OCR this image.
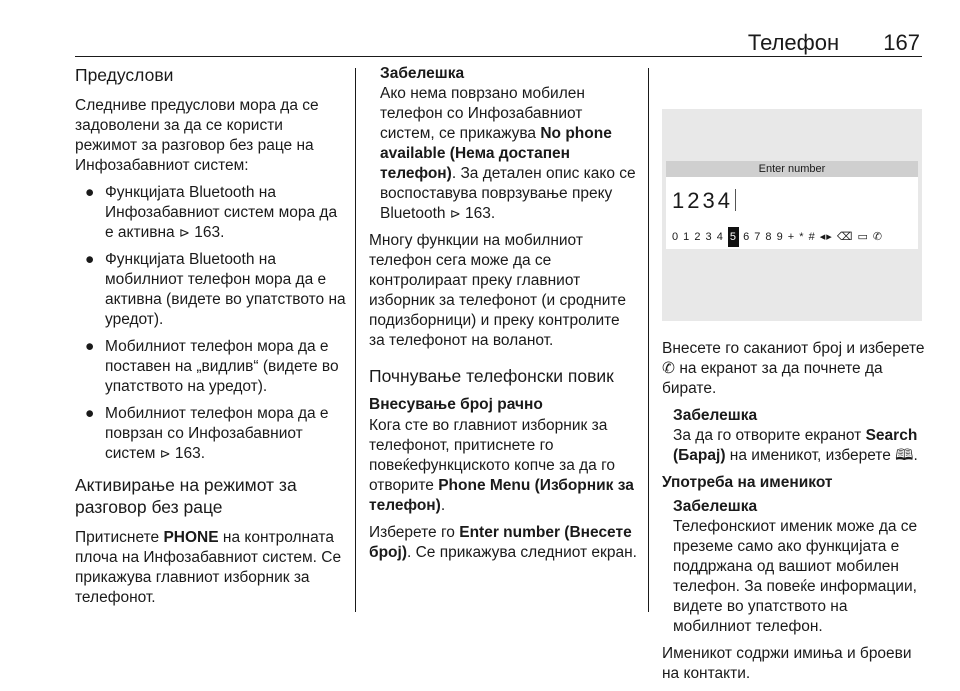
Телефон 167
Предуслови

Следниве предуслови мора да се задоволени за да се користи режимот за разговор без раце на Инфозабавниот систем:

● Функцијата Bluetooth на Инфозабавниот систем мора да е активна ⊳ 163.
● Функцијата Bluetooth на мобилниот телефон мора да е активна (видете во упатството на уредот).
● Мобилниот телефон мора да е поставен на „видлив“ (видете во упатството на уредот).
● Мобилниот телефон мора да е поврзан со Инфозабавниот систем ⊳ 163.
Активирање на режимот за разговор без раце

Притиснете PHONE на контролната плоча на Инфозабавниот систем. Се прикажува главниот изборник за телефонот.

Забелешка
Ако нема поврзано мобилен телефон со Инфозабавниот систем, се прикажува No phone available (Нема достапен телефон). За детален опис како се воспоставува поврзување преку Bluetooth ⊳ 163.

Многу функции на мобилниот телефон сега може да се контролираат преку главниот изборник за телефонот (и сродните подизборници) и преку контролите за телефонот на воланот.

Почнување телефонски повик
Внесување број рачно

Кога сте во главниот изборник за телефонот, притиснете го повеќефункциското копче за да го отворите Phone Menu (Изборник за телефон).

Изберете го Enter number (Внесете број). Се прикажува следниот екран.

Enter number
1234
0 1 2 3 4 5 6 7 8 9 + * # ◂▸ ⌫ ▭ ✆

Внесете го саканиот број и изберете ✆ на екранот за да почнете да бирате.

Забелешка
За да го отворите екранот Search (Барај) на именикот, изберете 🕮.
Употреба на именикот
Забелешка
Телефонскиот именик може да се преземе само ако функцијата е поддржана од вашиот мобилен телефон. За повеќе информации, видете во упатството на мобилниот телефон.

Именикот содржи имиња и броеви на контакти.
